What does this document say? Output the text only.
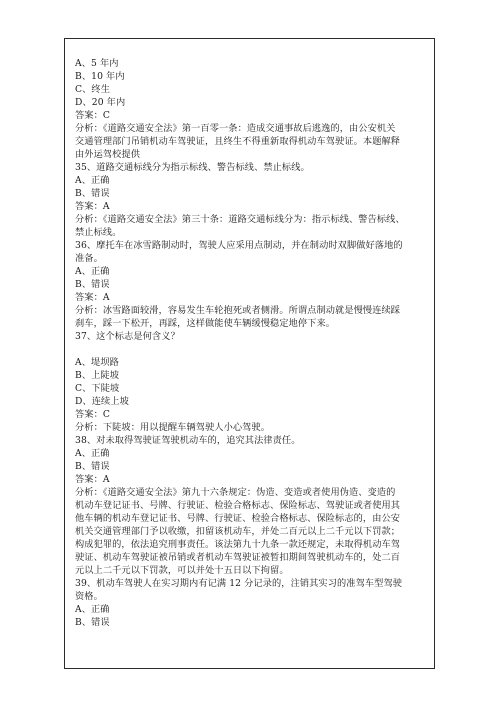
A、5 年内
B、10 年内
C、终生
D、20 年内
答案：C
分析：《道路交通安全法》第一百零一条：造成交通事故后逃逸的，由公安机关
交通管理部门吊销机动车驾驶证，且终生不得重新取得机动车驾驶证。本题解释
由外运驾校提供
35、道路交通标线分为指示标线、警告标线、禁止标线。
A、正确
B、错误
答案：A
分析：《道路交通安全法》第三十条：道路交通标线分为：指示标线、警告标线、
禁止标线。
36、摩托车在冰雪路制动时，驾驶人应采用点制动，并在制动时双脚做好落地的
准备。
A、正确
B、错误
答案：A
分析：冰雪路面较滑，容易发生车轮抱死或者侧滑。所谓点制动就是慢慢连续踩
刹车，踩一下松开，再踩，这样做能使车辆缓慢稳定地停下来。
37、这个标志是何含义？
A、堤坝路
B、上陡坡
C、下陡坡
D、连续上坡
答案：C
分析：下陡坡：用以提醒车辆驾驶人小心驾驶。
38、对未取得驾驶证驾驶机动车的，追究其法律责任。
A、正确
B、错误
答案：A
分析：《道路交通安全法》第九十六条规定：伪造、变造或者使用伪造、变造的
机动车登记证书、号牌、行驶证、检验合格标志、保险标志、驾驶证或者使用其
他车辆的机动车登记证书、号牌、行驶证、检验合格标志、保险标志的，由公安
机关交通管理部门予以收缴，扣留该机动车，并处二百元以上二千元以下罚款；
构成犯罪的，依法追究刑事责任。该法第九十九条一款还规定，未取得机动车驾
驶证、机动车驾驶证被吊销或者机动车驾驶证被暂扣期间驾驶机动车的，处二百
元以上二千元以下罚款，可以并处十五日以下拘留。
39、机动车驾驶人在实习期内有记满 12 分记录的，注销其实习的准驾车型驾驶
资格。
A、正确
B、错误
